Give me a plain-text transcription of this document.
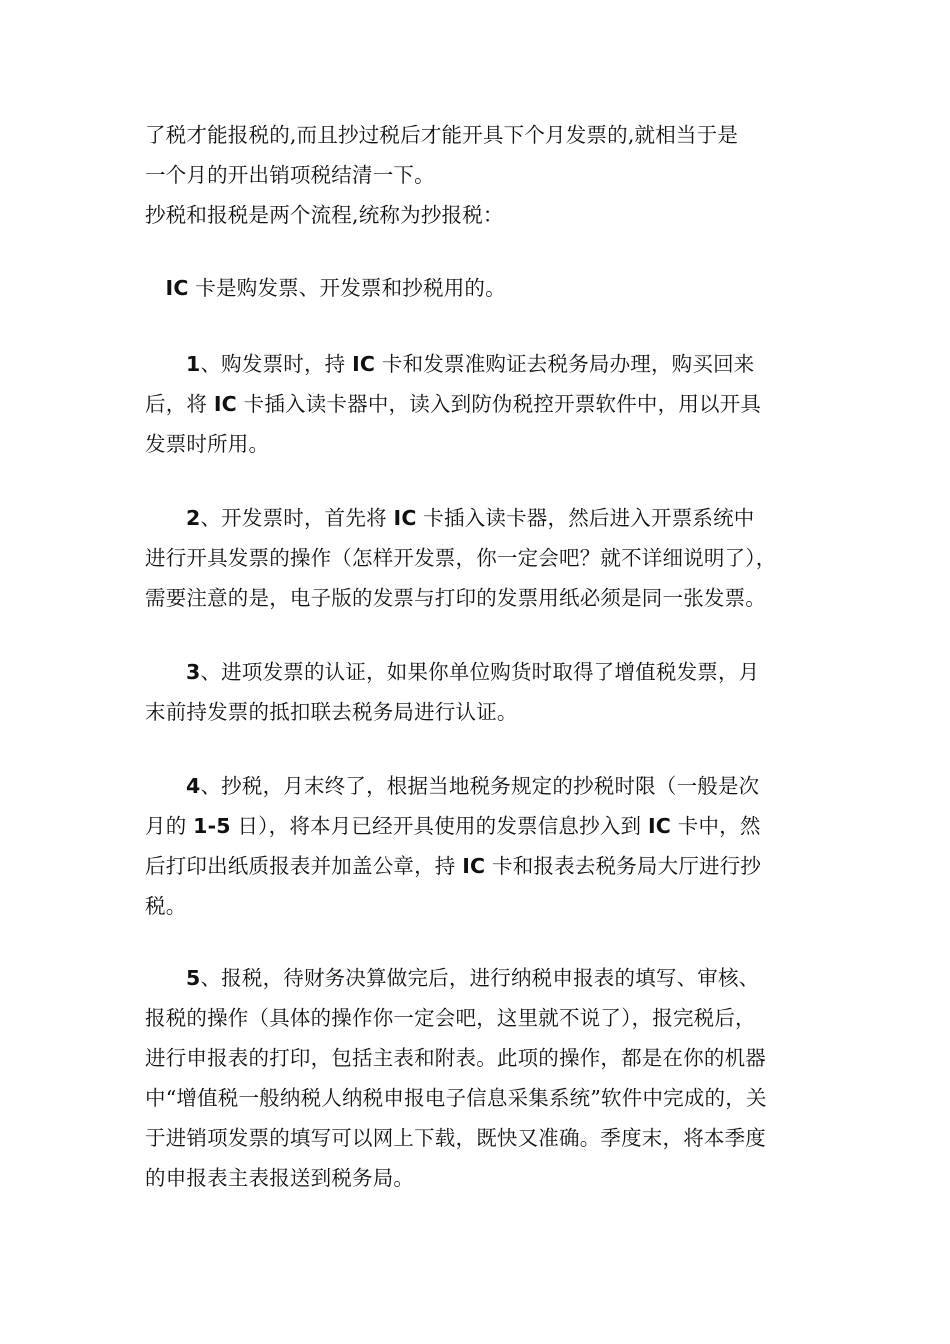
了税才能报税的,而且抄过税后才能开具下个月发票的,就相当于是
一个月的开出销项税结清一下。
抄税和报税是两个流程,统称为抄报税：
IC 卡是购发票、开发票和抄税用的。
1、购发票时，持 IC 卡和发票准购证去税务局办理，购买回来
后，将 IC 卡插入读卡器中，读入到防伪税控开票软件中，用以开具
发票时所用。
2、开发票时，首先将 IC 卡插入读卡器，然后进入开票系统中
进行开具发票的操作（怎样开发票，你一定会吧？就不详细说明了），
需要注意的是，电子版的发票与打印的发票用纸必须是同一张发票。
3、进项发票的认证，如果你单位购货时取得了增值税发票，月
末前持发票的抵扣联去税务局进行认证。
4、抄税，月末终了，根据当地税务规定的抄税时限（一般是次
月的 1-5 日），将本月已经开具使用的发票信息抄入到 IC 卡中，然
后打印出纸质报表并加盖公章，持 IC 卡和报表去税务局大厅进行抄
税。
5、报税，待财务决算做完后，进行纳税申报表的填写、审核、
报税的操作（具体的操作你一定会吧，这里就不说了），报完税后，
进行申报表的打印，包括主表和附表。此项的操作，都是在你的机器
中“增值税一般纳税人纳税申报电子信息采集系统”软件中完成的，关
于进销项发票的填写可以网上下载，既快又准确。季度末，将本季度
的申报表主表报送到税务局。
